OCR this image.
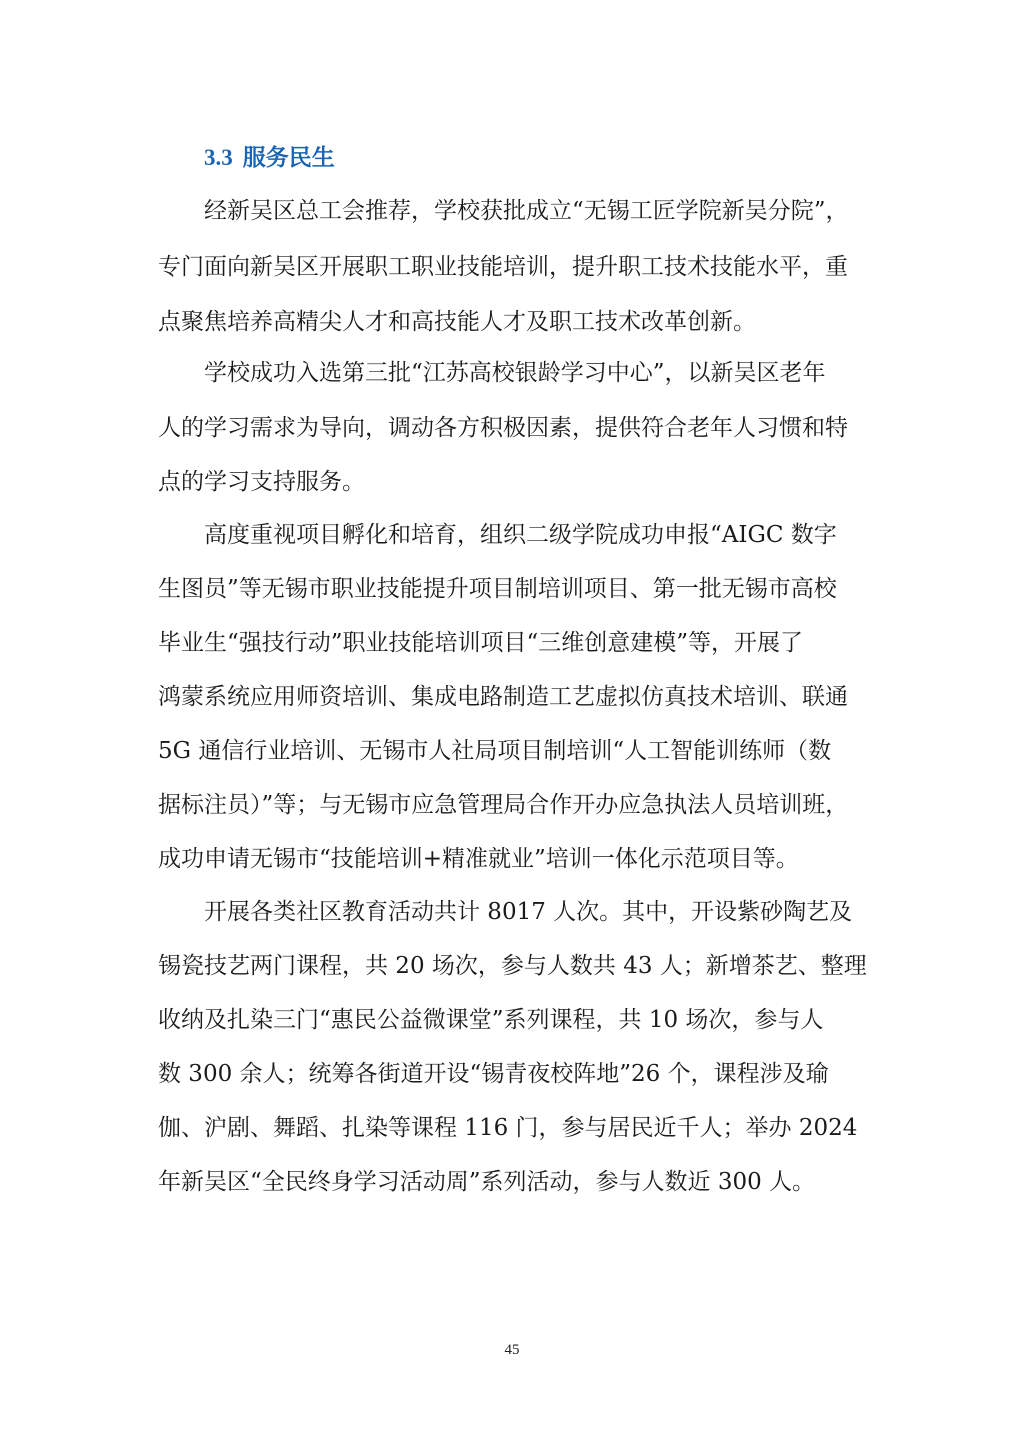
3.3 服务民生

经新吴区总工会推荐，学校获批成立“无锡工匠学院新吴分院”，

专门面向新吴区开展职工职业技能培训，提升职工技术技能水平，重

点聚焦培养高精尖人才和高技能人才及职工技术改革创新。

学校成功入选第三批“江苏高校银龄学习中心”，以新吴区老年

人的学习需求为导向，调动各方积极因素，提供符合老年人习惯和特

点的学习支持服务。

高度重视项目孵化和培育，组织二级学院成功申报“AIGC 数字

生图员”等无锡市职业技能提升项目制培训项目、第一批无锡市高校

毕业生“强技行动”职业技能培训项目“三维创意建模”等，开展了

鸿蒙系统应用师资培训、集成电路制造工艺虚拟仿真技术培训、联通

5G 通信行业培训、无锡市人社局项目制培训“人工智能训练师（数

据标注员）”等；与无锡市应急管理局合作开办应急执法人员培训班，

成功申请无锡市“技能培训+精准就业”培训一体化示范项目等。

开展各类社区教育活动共计 8017 人次。其中，开设紫砂陶艺及

锡瓷技艺两门课程，共 20 场次，参与人数共 43 人；新增茶艺、整理

收纳及扎染三门“惠民公益微课堂”系列课程，共 10 场次，参与人

数 300 余人；统筹各街道开设“锡青夜校阵地”26 个，课程涉及瑜

伽、沪剧、舞蹈、扎染等课程 116 门，参与居民近千人；举办 2024

年新吴区“全民终身学习活动周”系列活动，参与人数近 300 人。

45
